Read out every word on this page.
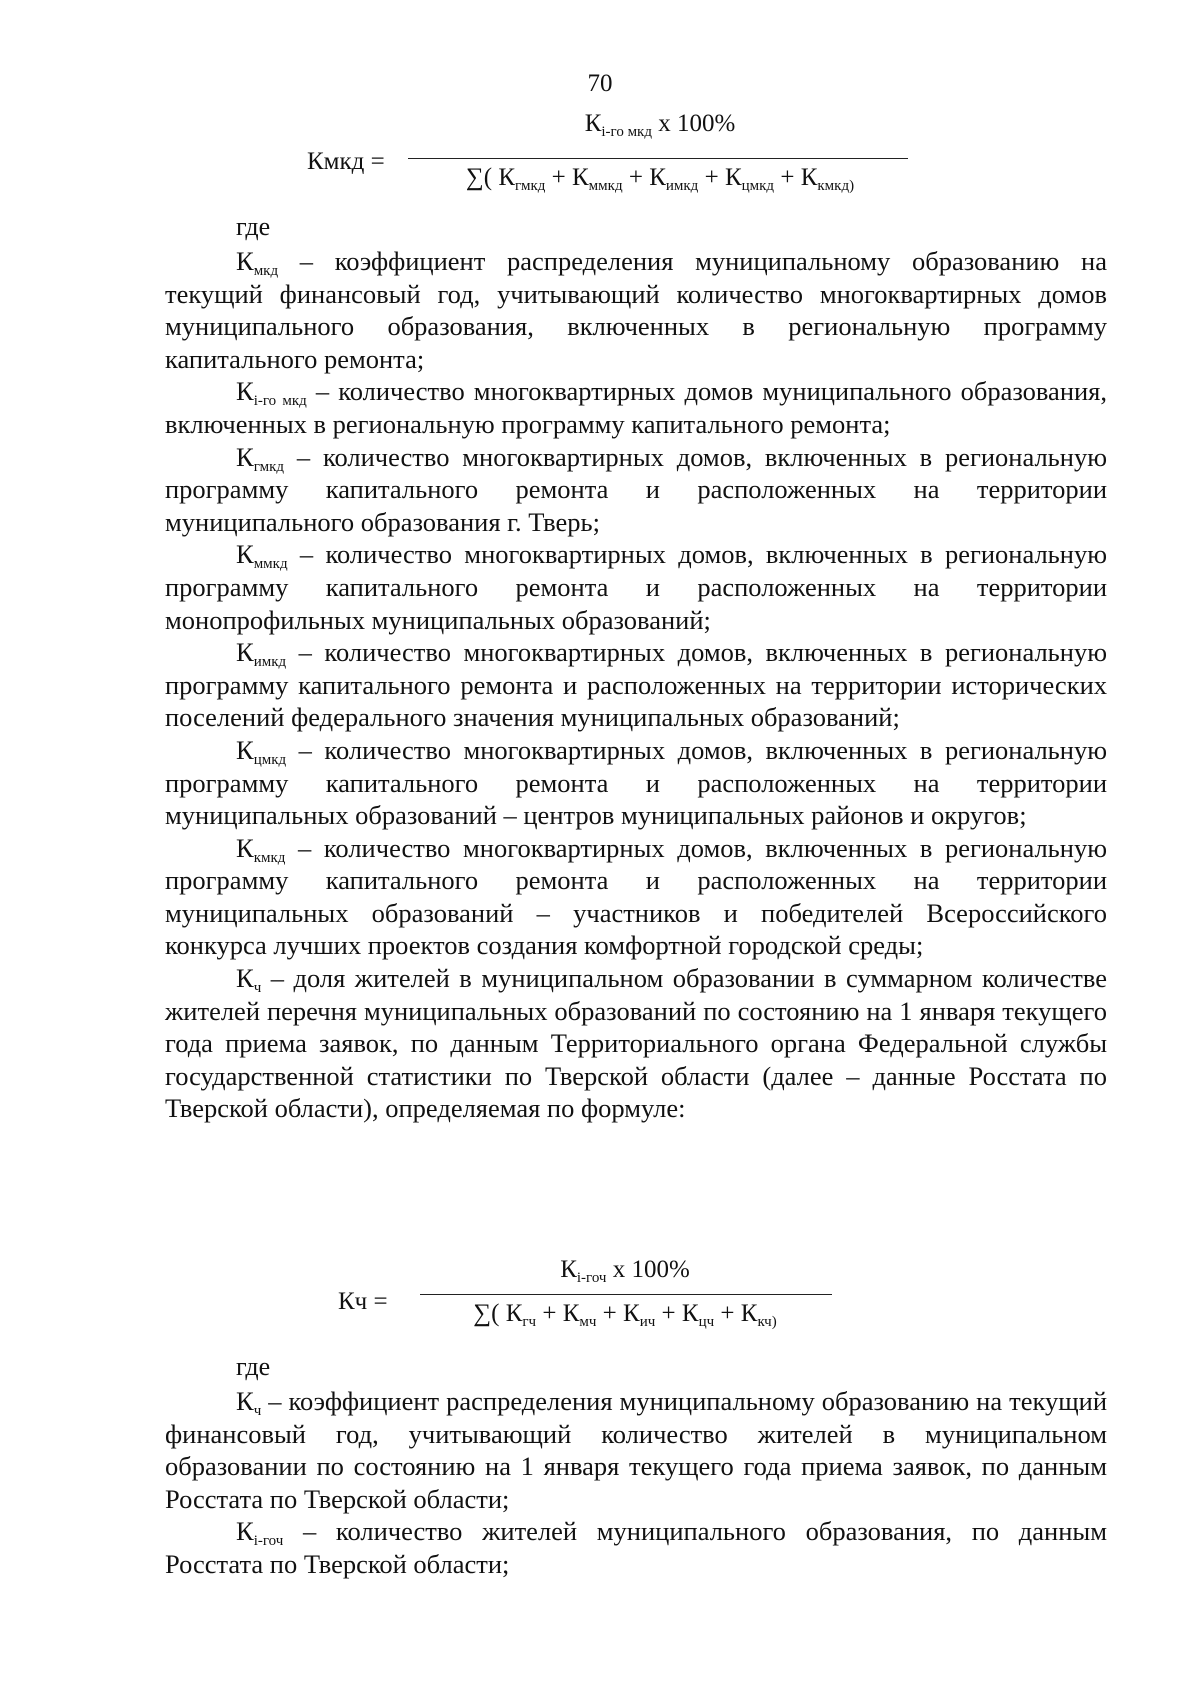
70
Кмкд =
$К_{i-го мкд}$ х 100%
∑( $К_{гмкд} + К_{ммкд} + К_{имкд} + К_{цмкд} + К_{кмкд)}$
где

$К_{мкд}$ – коэффициент распределения муниципальному образованию на текущий финансовый год, учитывающий количество многоквартирных домов муниципального образования, включенных в региональную программу капитального ремонта;

$К_{i-го мкд}$ – количество многоквартирных домов муниципального образования, включенных в региональную программу капитального ремонта;

$К_{гмкд}$ – количество многоквартирных домов, включенных в региональную программу капитального ремонта и расположенных на территории муниципального образования г. Тверь;

$К_{ммкд}$ – количество многоквартирных домов, включенных в региональную программу капитального ремонта и расположенных на территории монопрофильных муниципальных образований;

$К_{имкд}$ – количество многоквартирных домов, включенных в региональную программу капитального ремонта и расположенных на территории исторических поселений федерального значения муниципальных образований;

$К_{цмкд}$ – количество многоквартирных домов, включенных в региональную программу капитального ремонта и расположенных на территории муниципальных образований – центров муниципальных районов и округов;

$К_{кмкд}$ – количество многоквартирных домов, включенных в региональную программу капитального ремонта и расположенных на территории муниципальных образований – участников и победителей Всероссийского конкурса лучших проектов создания комфортной городской среды;

$К_ч$ – доля жителей в муниципальном образовании в суммарном количестве жителей перечня муниципальных образований по состоянию на 1 января текущего года приема заявок, по данным Территориального органа Федеральной службы государственной статистики по Тверской области (далее – данные Росстата по Тверской области), определяемая по формуле:

Кч =
$К_{i-гоч}$ х 100%
∑( $К_{гч} + К_{мч} + К_{ич} + К_{цч} + К_{кч)}$
где

$К_ч$ – коэффициент распределения муниципальному образованию на текущий финансовый год, учитывающий количество жителей в муниципальном образовании по состоянию на 1 января текущего года приема заявок, по данным Росстата по Тверской области;

$К_{i-гоч}$ – количество жителей муниципального образования, по данным Росстата по Тверской области;
